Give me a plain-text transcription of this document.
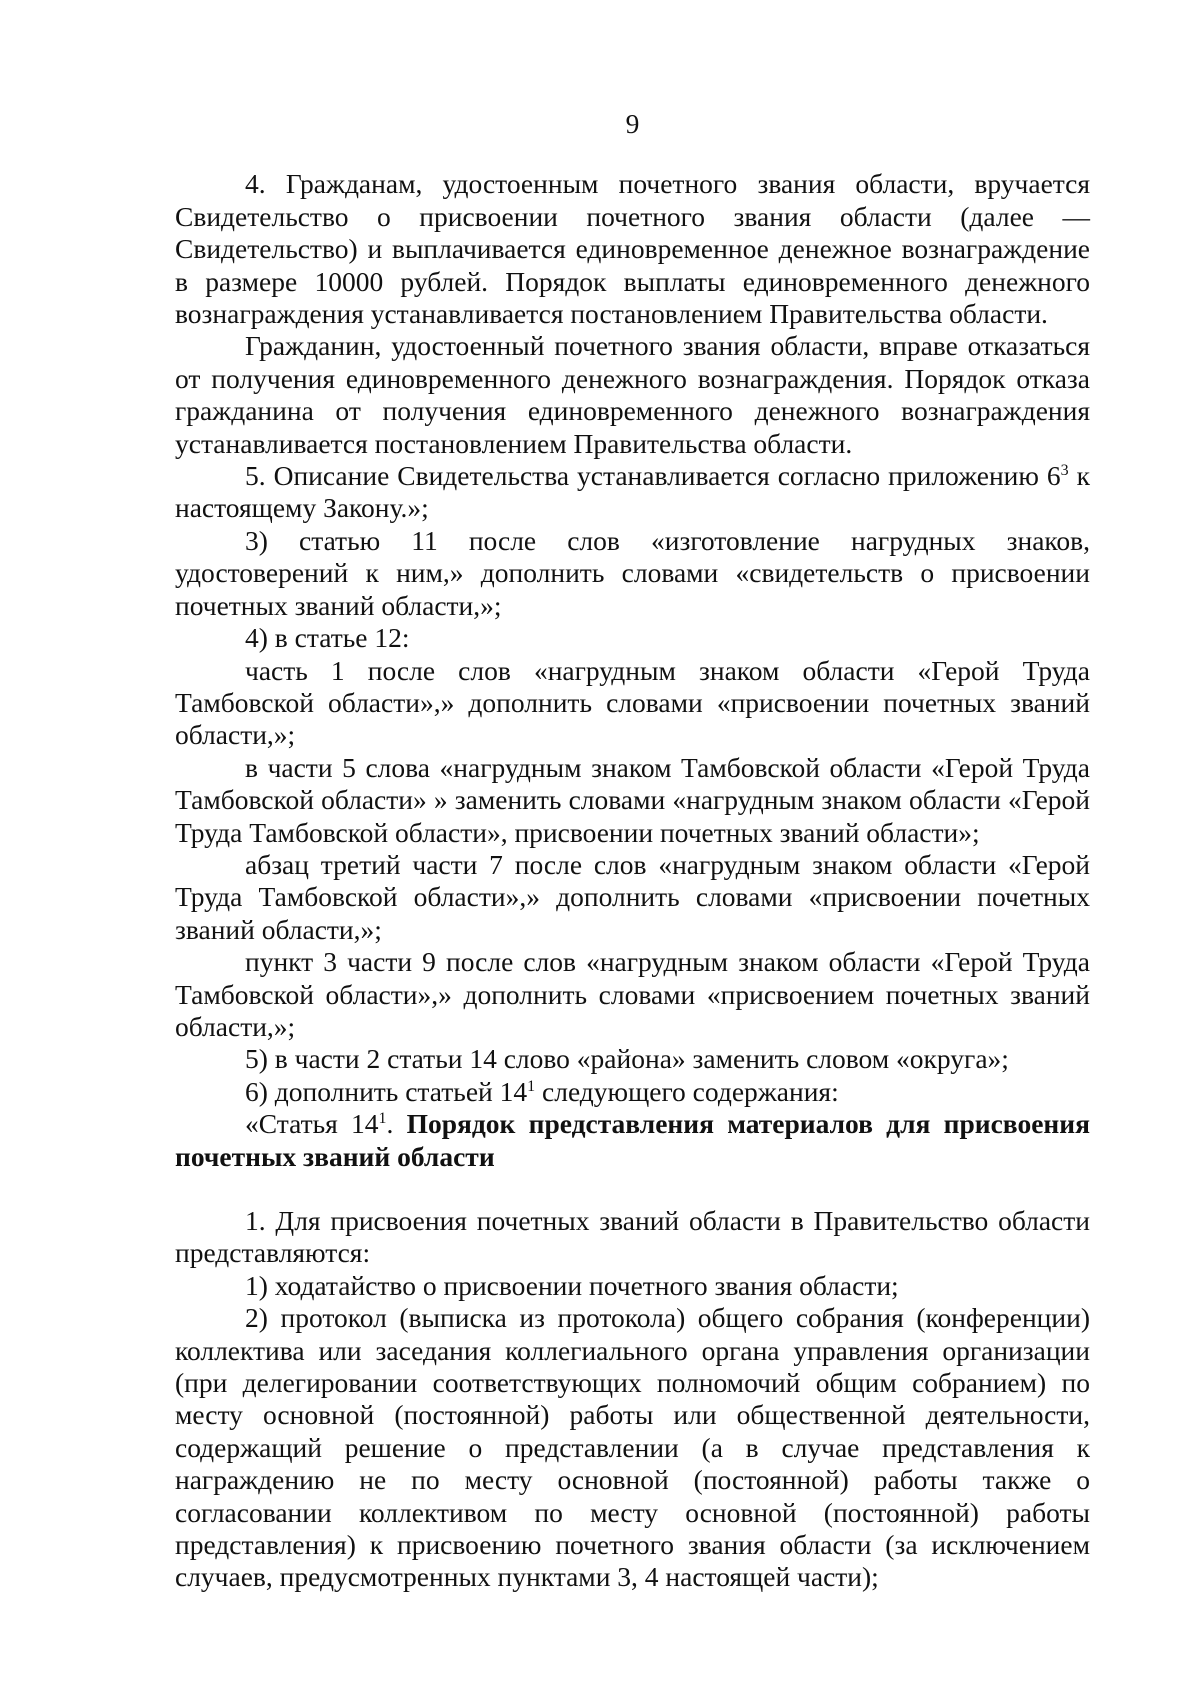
9

4. Гражданам, удостоенным почетного звания области, вручается Свидетельство о присвоении почетного звания области (далее — Свидетельство) и выплачивается единовременное денежное вознаграждение в размере 10000 рублей. Порядок выплаты единовременного денежного вознаграждения устанавливается постановлением Правительства области.

Гражданин, удостоенный почетного звания области, вправе отказаться от получения единовременного денежного вознаграждения. Порядок отказа гражданина от получения единовременного денежного вознаграждения устанавливается постановлением Правительства области.

5. Описание Свидетельства устанавливается согласно приложению $6^3$ к настоящему Закону.»;

3) статью 11 после слов «изготовление нагрудных знаков, удостоверений к ним,» дополнить словами «свидетельств о присвоении почетных званий области,»;

4) в статье 12:

часть 1 после слов «нагрудным знаком области «Герой Труда Тамбовской области»,» дополнить словами «присвоении почетных званий области,»;

в части 5 слова «нагрудным знаком Тамбовской области «Герой Труда Тамбовской области» » заменить словами «нагрудным знаком области «Герой Труда Тамбовской области», присвоении почетных званий области»;

абзац третий части 7 после слов «нагрудным знаком области «Герой Труда Тамбовской области»,» дополнить словами «присвоении почетных званий области,»;

пункт 3 части 9 после слов «нагрудным знаком области «Герой Труда Тамбовской области»,» дополнить словами «присвоением почетных званий области,»;

5) в части 2 статьи 14 слово «района» заменить словом «округа»;

6) дополнить статьей $14^1$ следующего содержания:

«Статья $14^1$. Порядок представления материалов для присвоения почетных званий области

1. Для присвоения почетных званий области в Правительство области представляются:

1) ходатайство о присвоении почетного звания области;

2) протокол (выписка из протокола) общего собрания (конференции) коллектива или заседания коллегиального органа управления организации (при делегировании соответствующих полномочий общим собранием) по месту основной (постоянной) работы или общественной деятельности, содержащий решение о представлении (а в случае представления к награждению не по месту основной (постоянной) работы также о согласовании коллективом по месту основной (постоянной) работы представления) к присвоению почетного звания области (за исключением случаев, предусмотренных пунктами 3, 4 настоящей части);
